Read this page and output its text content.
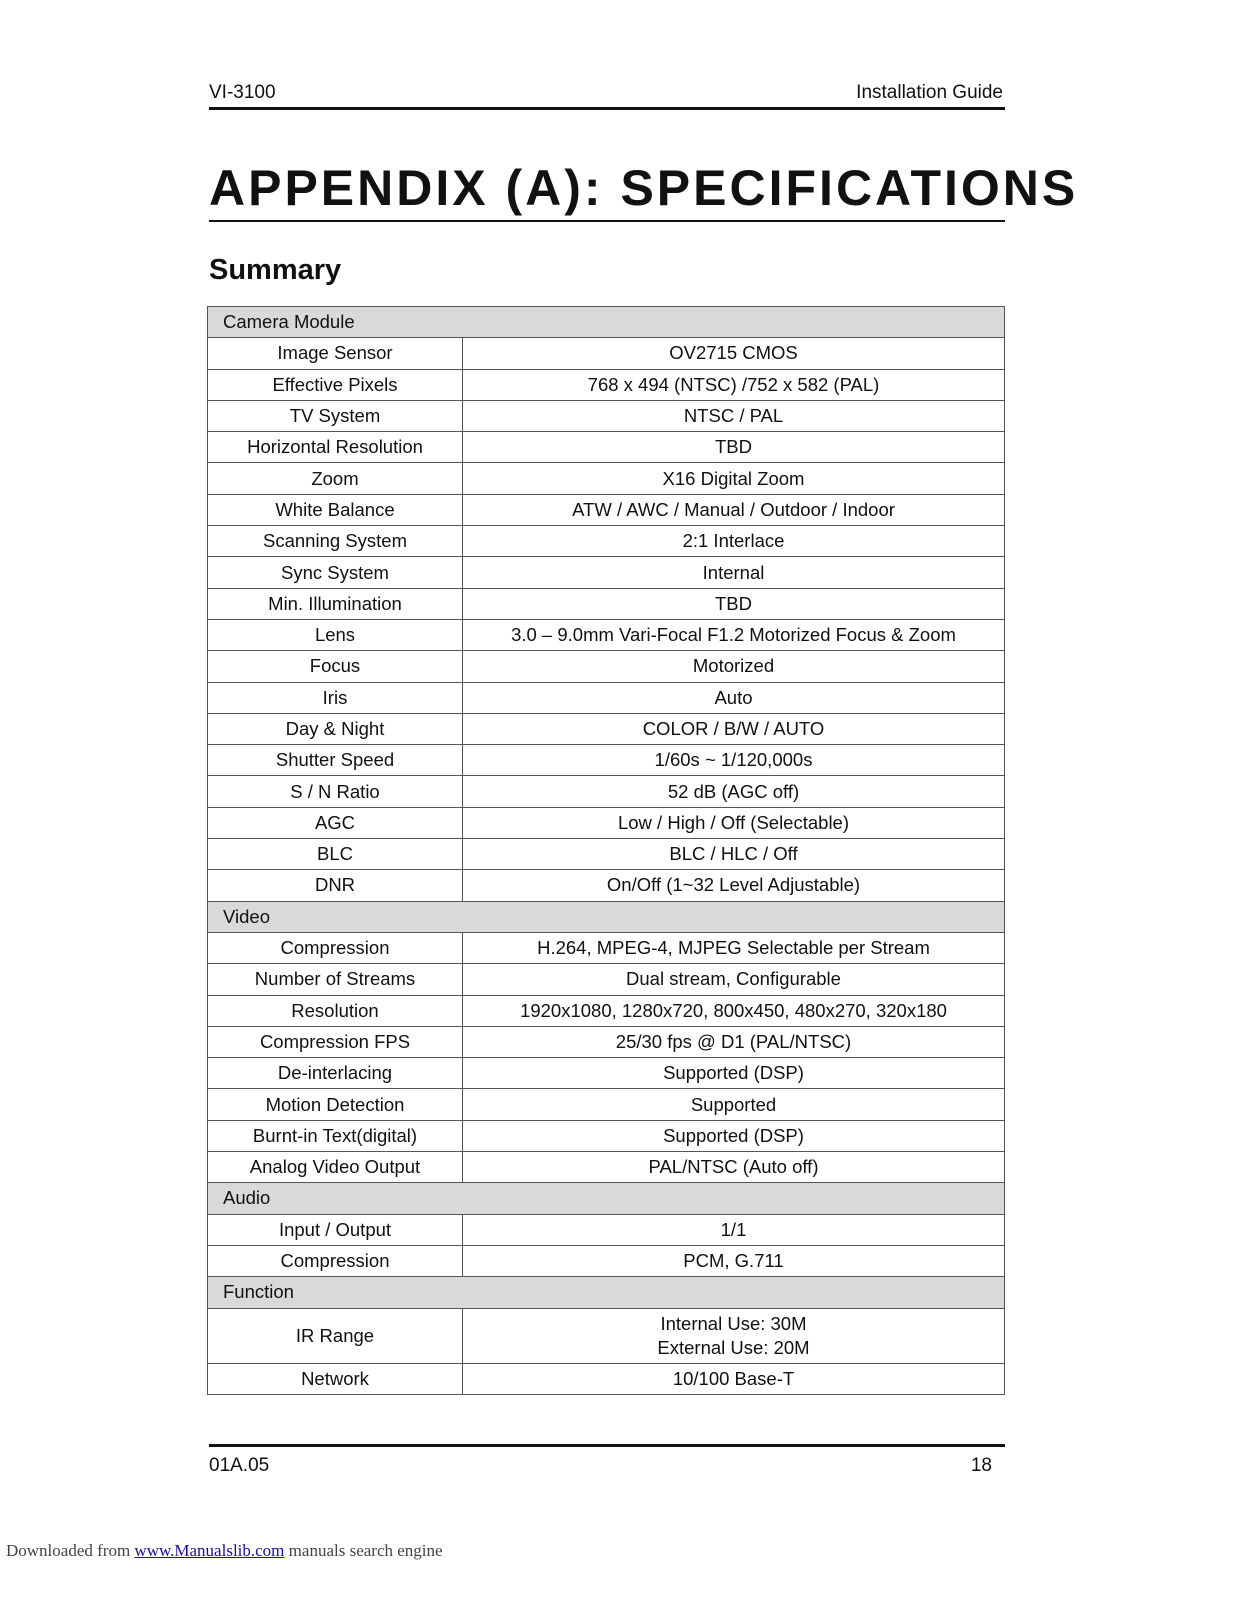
VI-3100	Installation Guide
APPENDIX (A): SPECIFICATIONS
Summary
Camera Module	
Image Sensor	OV2715 CMOS
Effective Pixels	768 x 494 (NTSC) /752 x 582 (PAL)
TV System	NTSC / PAL
Horizontal Resolution	TBD
Zoom	X16 Digital Zoom
White Balance	ATW / AWC / Manual / Outdoor / Indoor
Scanning System	2:1 Interlace
Sync System	Internal
Min. Illumination	TBD
Lens	3.0 – 9.0mm Vari-Focal F1.2 Motorized Focus & Zoom
Focus	Motorized
Iris	Auto
Day & Night	COLOR / B/W / AUTO
Shutter Speed	1/60s ~ 1/120,000s
S / N Ratio	52 dB (AGC off)
AGC	Low / High / Off (Selectable)
BLC	BLC / HLC / Off
DNR	On/Off (1~32 Level Adjustable)
Video	
Compression	H.264, MPEG-4, MJPEG Selectable per Stream
Number of Streams	Dual stream, Configurable
Resolution	1920x1080, 1280x720, 800x450, 480x270, 320x180
Compression FPS	25/30 fps @ D1 (PAL/NTSC)
De-interlacing	Supported (DSP)
Motion Detection	Supported
Burnt-in Text(digital)	Supported (DSP)
Analog Video Output	PAL/NTSC (Auto off)
Audio	
Input / Output	1/1
Compression	PCM, G.711
Function	
IR Range	Internal Use: 30M
External Use: 20M
Network	10/100 Base-T
01A.05	18
Downloaded from www.Manualslib.com manuals search engine
